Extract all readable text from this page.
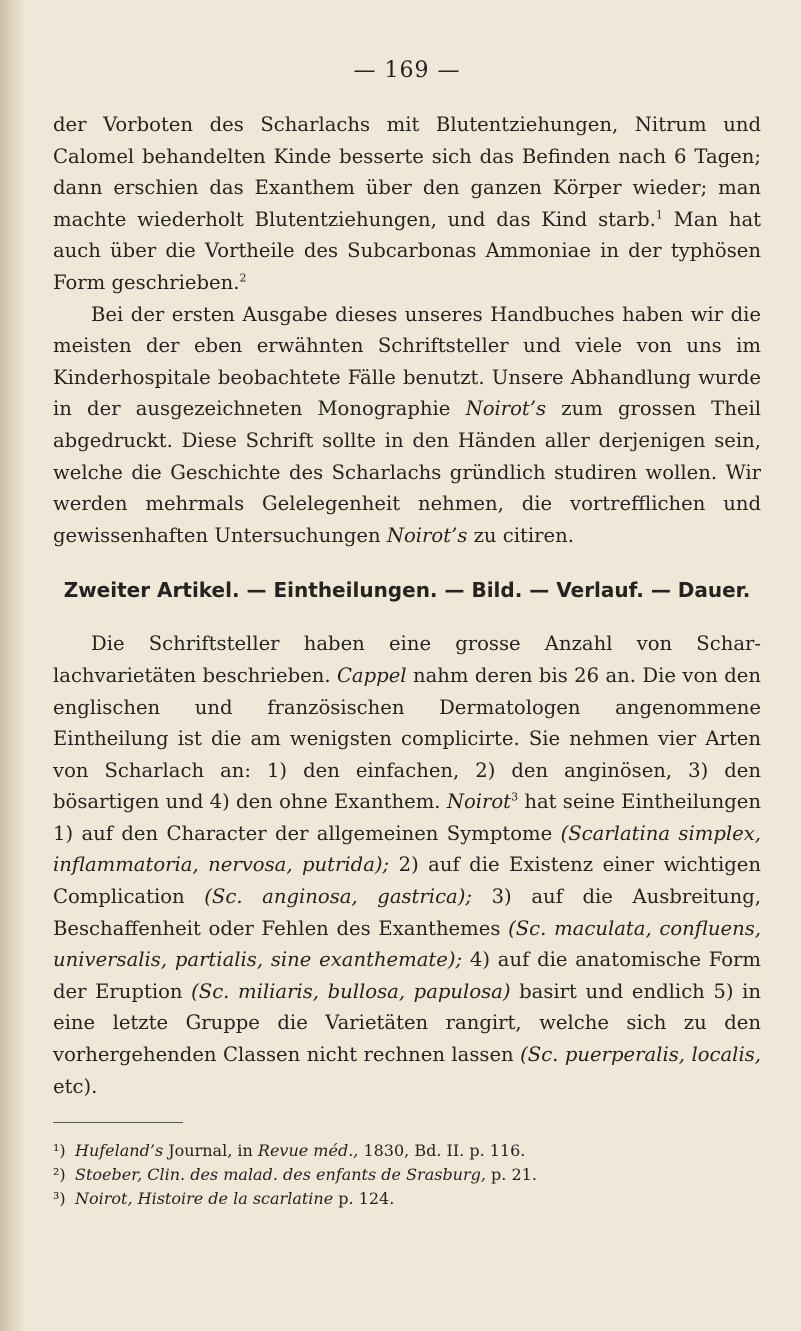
— 169 —

der Vorboten des Scharlachs mit Blutentziehungen, Nitrum und Calomel behandelten Kinde besserte sich das Befinden nach 6 Tagen; dann erschien das Exanthem über den ganzen Körper wieder; man machte wiederholt Blutentziehungen, und das Kind starb.$^1$ Man hat auch über die Vortheile des Subcarbonas Ammoniae in der typhösen Form geschrieben.$^2$

Bei der ersten Ausgabe dieses unseres Handbuches haben wir die meisten der eben erwähnten Schriftsteller und viele von uns im Kinderhospitale beobachtete Fälle benutzt. Unsere Abhandlung wurde in der ausgezeichneten Monographie Noirot’s zum grossen Theil abgedruckt. Diese Schrift sollte in den Händen aller derjenigen sein, welche die Geschichte des Scharlachs gründlich studiren wollen. Wir werden mehrmals Gelelegenheit nehmen, die vortrefflichen und gewissenhaften Untersuchungen Noirot’s zu citiren.

Zweiter Artikel. — Eintheilungen. — Bild. — Verlauf. — Dauer.

Die Schriftsteller haben eine grosse Anzahl von Scharlachvarietäten beschrieben. Cappel nahm deren bis 26 an. Die von den englischen und französischen Dermatologen angenommene Eintheilung ist die am wenigsten complicirte. Sie nehmen vier Arten von Scharlach an: 1) den einfachen, 2) den anginösen, 3) den bösartigen und 4) den ohne Exanthem. Noirot$^3$ hat seine Eintheilungen 1) auf den Character der allgemeinen Symptome (Scarlatina simplex, inflammatoria, nervosa, putrida); 2) auf die Existenz einer wichtigen Complication (Sc. anginosa, gastrica); 3) auf die Ausbreitung, Beschaffenheit oder Fehlen des Exanthemes (Sc. maculata, confluens, universalis, partialis, sine exanthemate); 4) auf die anatomische Form der Eruption (Sc. miliaris, bullosa, papulosa) basirt und endlich 5) in eine letzte Gruppe die Varietäten rangirt, welche sich zu den vorhergehenden Classen nicht rechnen lassen (Sc. puerperalis, localis, etc).

¹) Hufeland’s Journal, in Revue méd., 1830, Bd. II. p. 116.

²) Stoeber, Clin. des malad. des enfants de Srasburg, p. 21.

³) Noirot, Histoire de la scarlatine p. 124.
